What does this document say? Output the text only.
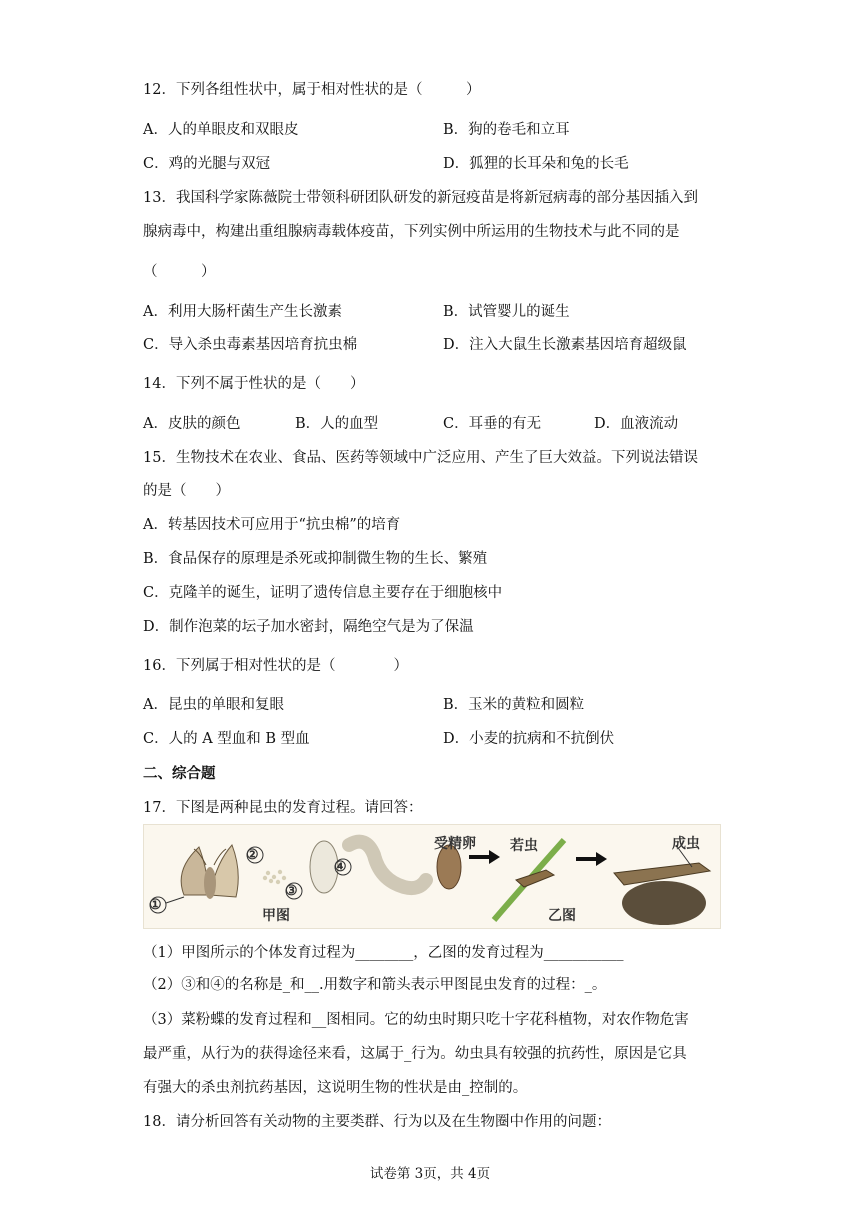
12．下列各组性状中，属于相对性状的是（　　　）
A．人的单眼皮和双眼皮	B．狗的卷毛和立耳
C．鸡的光腿与双冠	D．狐狸的长耳朵和兔的长毛
13．我国科学家陈薇院士带领科研团队研发的新冠疫苗是将新冠病毒的部分基因插入到
腺病毒中，构建出重组腺病毒载体疫苗，下列实例中所运用的生物技术与此不同的是
（　　　）
A．利用大肠杆菌生产生长激素	B．试管婴儿的诞生
C．导入杀虫毒素基因培育抗虫棉	D．注入大鼠生长激素基因培育超级鼠
14．下列不属于性状的是（　　）
A．皮肤的颜色	B．人的血型	C．耳垂的有无	D．血液流动
15．生物技术在农业、食品、医药等领域中广泛应用、产生了巨大效益。下列说法错误
的是（　　）
A．转基因技术可应用于“抗虫棉”的培育
B．食品保存的原理是杀死或抑制微生物的生长、繁殖
C．克隆羊的诞生，证明了遗传信息主要存在于细胞核中
D．制作泡菜的坛子加水密封，隔绝空气是为了保温
16．下列属于相对性状的是（　　　　）
A．昆虫的单眼和复眼	B．玉米的黄粒和圆粒
C．人的 A 型血和 B 型血	D．小麦的抗病和不抗倒伏
二、综合题
17．下图是两种昆虫的发育过程。请回答：
①
②
③
④
受精卵 若虫	成虫
甲图	乙图
（1）甲图所示的个体发育过程为________，乙图的发育过程为___________
（2）③和④的名称是_和__.用数字和箭头表示甲图昆虫发育的过程：_。
（3）菜粉蝶的发育过程和__图相同。它的幼虫时期只吃十字花科植物，对农作物危害
最严重，从行为的获得途径来看，这属于_行为。幼虫具有较强的抗药性，原因是它具
有强大的杀虫剂抗药基因，这说明生物的性状是由_控制的。
18．请分析回答有关动物的主要类群、行为以及在生物圈中作用的问题：
试卷第 3页，共 4页
